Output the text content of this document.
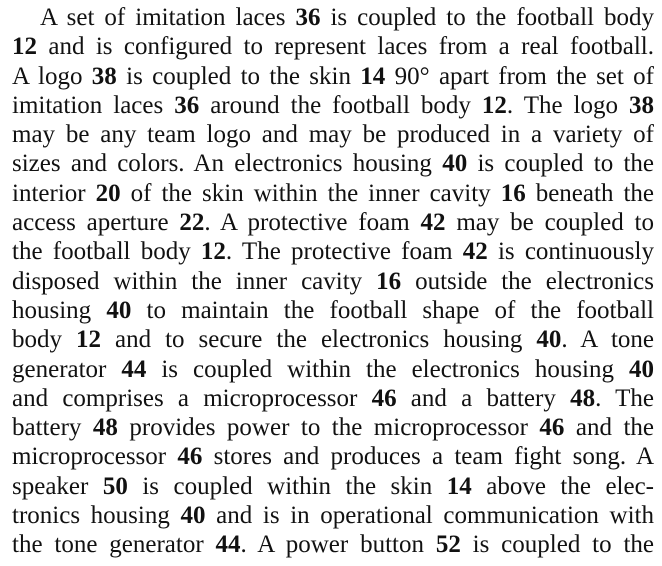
A set of imitation laces 36 is coupled to the football body
12 and is configured to represent laces from a real football.
A logo 38 is coupled to the skin 14 90° apart from the set of
imitation laces 36 around the football body 12. The logo 38
may be any team logo and may be produced in a variety of
sizes and colors. An electronics housing 40 is coupled to the
interior 20 of the skin within the inner cavity 16 beneath the
access aperture 22. A protective foam 42 may be coupled to
the football body 12. The protective foam 42 is continuously
disposed within the inner cavity 16 outside the electronics
housing 40 to maintain the football shape of the football
body 12 and to secure the electronics housing 40. A tone
generator 44 is coupled within the electronics housing 40
and comprises a microprocessor 46 and a battery 48. The
battery 48 provides power to the microprocessor 46 and the
microprocessor 46 stores and produces a team fight song. A
speaker 50 is coupled within the skin 14 above the elec-
tronics housing 40 and is in operational communication with
the tone generator 44. A power button 52 is coupled to the
